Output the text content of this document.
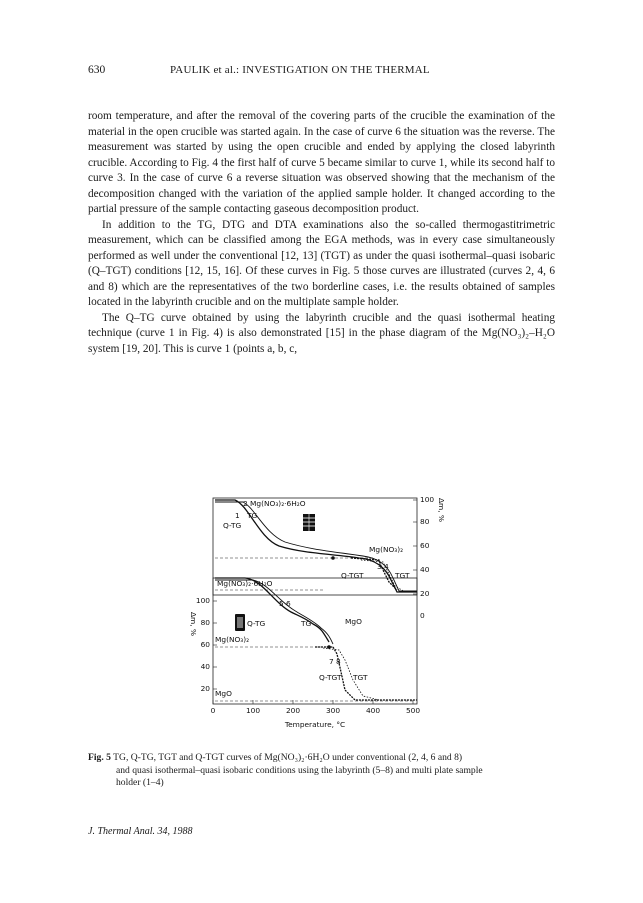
630	PAULIK et al.: INVESTIGATION ON THE THERMAL

room temperature, and after the removal of the covering parts of the crucible the examination of the material in the open crucible was started again. In the case of curve 6 the situation was the reverse. The measurement was started by using the open crucible and ended by applying the closed labyrinth crucible. According to Fig. 4 the first half of curve 5 became similar to curve 1, while its second half to curve 3. In the case of curve 6 a reverse situation was observed showing that the mechanism of the decomposition changed with the variation of the applied sample holder. It changed according to the partial pressure of the sample contacting gaseous decomposition product.

In addition to the TG, DTG and DTA examinations also the so-called thermogastitrimetric measurement, which can be classified among the EGA methods, was in every case simultaneously performed as well under the conventional [12, 13] (TGT) as under the quasi isothermal–quasi isobaric (Q–TGT) conditions [12, 15, 16]. Of these curves in Fig. 5 those curves are illustrated (curves 2, 4, 6 and 8) which are the representatives of the two borderline cases, i.e. the results obtained of samples located in the labyrinth crucible and on the multiplate sample holder.

The Q–TG curve obtained by using the labyrinth crucible and the quasi isothermal heating technique (curve 1 in Fig. 4) is also demonstrated [15] in the phase diagram of the Mg(NO₃)₂–H₂O system [19, 20]. This is curve 1 (points a, b, c,

0	100	200	300	400	500
Temperature, °C
100
80
60
40
20
Δm, %
100
80
60
40
20
0
Δm, %
2 Mg(NO₃)₂·6H₂O
1 TG
Q-TG
Mg(NO₃)₂
3 4
Q-TGT	TGT
Mg(NO₃)₂·6H₂O
5 6
Q-TG	TG	MgO
Mg(NO₃)₂
7 8
Q-TGT TGT
MgO
Fig. 5 TG, Q-TG, TGT and Q-TGT curves of Mg(NO₃)₂·6H₂O under conventional (2, 4, 6 and 8)
and quasi isothermal–quasi isobaric conditions using the labyrinth (5–8) and multi plate sample
holder (1–4)
J. Thermal Anal. 34, 1988
